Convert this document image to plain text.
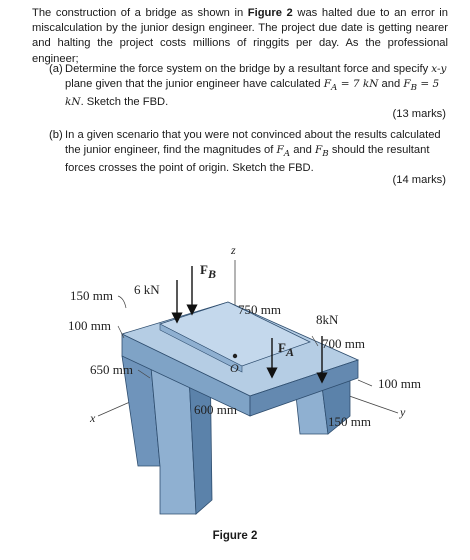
The construction of a bridge as shown in Figure 2 was halted due to an error in miscalculation by the junior design engineer. The project due date is getting nearer and halting the project costs millions of ringgits per day. As the professional engineer;
(a) Determine the force system on the bridge by a resultant force and specify x-y plane given that the junior engineer have calculated $F_A = 7$ kN and $F_B = 5$ kN. Sketch the FBD.
(13 marks)
(b) In a given scenario that you were not convinced about the results calculated the junior engineer, find the magnitudes of $F_A$ and $F_B$ should the resultant forces crosses the point of origin. Sketch the FBD.
(14 marks)
z
FB
150 mm 6 kN
100 mm
750 mm
8kN
FA
700 mm
650 mm	O
100 mm
x
600 mm
150 mm
y
Figure 2
